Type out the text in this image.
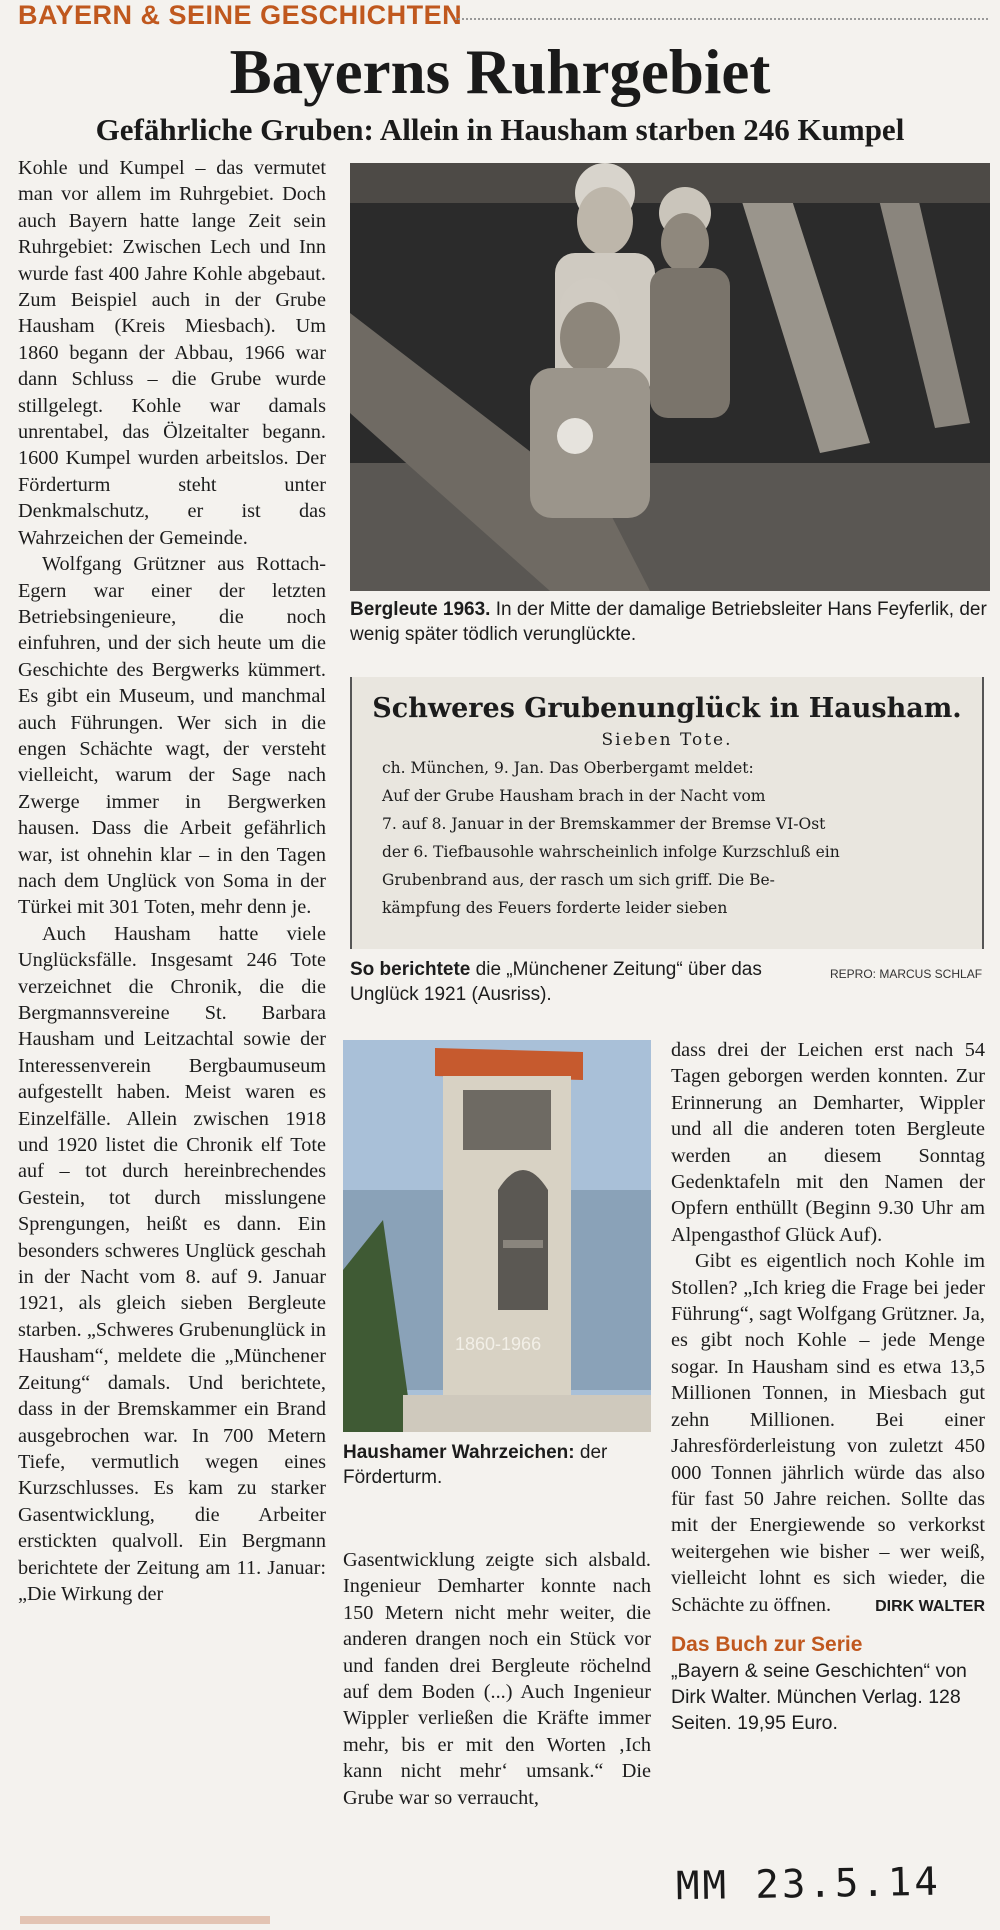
BAYERN & SEINE GESCHICHTEN
Bayerns Ruhrgebiet
Gefährliche Gruben: Allein in Hausham starben 246 Kumpel

Kohle und Kumpel – das vermutet man vor allem im Ruhrgebiet. Doch auch Bayern hatte lange Zeit sein Ruhrgebiet: Zwischen Lech und Inn wurde fast 400 Jahre Kohle abgebaut. Zum Beispiel auch in der Grube Hausham (Kreis Miesbach). Um 1860 begann der Abbau, 1966 war dann Schluss – die Grube wurde stillgelegt. Kohle war damals unrentabel, das Ölzeitalter begann. 1600 Kumpel wurden arbeitslos. Der Förderturm steht unter Denkmalschutz, er ist das Wahrzeichen der Gemeinde.

Wolfgang Grützner aus Rottach-Egern war einer der letzten Betriebsingenieure, die noch einfuhren, und der sich heute um die Geschichte des Bergwerks kümmert. Es gibt ein Museum, und manchmal auch Führungen. Wer sich in die engen Schächte wagt, der versteht vielleicht, warum der Sage nach Zwerge immer in Bergwerken hausen. Dass die Arbeit gefährlich war, ist ohnehin klar – in den Tagen nach dem Unglück von Soma in der Türkei mit 301 Toten, mehr denn je.

Auch Hausham hatte viele Unglücksfälle. Insgesamt 246 Tote verzeichnet die Chronik, die die Bergmannsvereine St. Barbara Hausham und Leitzachtal sowie der Interessenverein Bergbaumuseum aufgestellt haben. Meist waren es Einzelfälle. Allein zwischen 1918 und 1920 listet die Chronik elf Tote auf – tot durch hereinbrechendes Gestein, tot durch misslungene Sprengungen, heißt es dann. Ein besonders schweres Unglück geschah in der Nacht vom 8. auf 9. Januar 1921, als gleich sieben Bergleute starben. „Schweres Grubenunglück in Hausham“, meldete die „Münchener Zeitung“ damals. Und berichtete, dass in der Bremskammer ein Brand ausgebrochen war. In 700 Metern Tiefe, vermutlich wegen eines Kurzschlusses. Es kam zu starker Gasentwicklung, die Arbeiter erstickten qualvoll. Ein Bergmann berichtete der Zeitung am 11. Januar: „Die Wirkung der

Bergleute 1963. In der Mitte der damalige Betriebsleiter Hans Feyferlik, der wenig später tödlich verunglückte.
Schweres Grubenunglück in Hausham.
Sieben Tote.
ch. München, 9. Jan. Das Oberbergamt meldet:
Auf der Grube Hausham brach in der Nacht vom
7. auf 8. Januar in der Bremskammer der Bremse VI-Ost
der 6. Tiefbausohle wahrscheinlich infolge Kurzschluß ein
Grubenbrand aus, der rasch um sich griff. Die Be-
kämpfung des Feuers forderte leider sieben
So berichtete die „Münchener Zeitung“ über das Unglück 1921 (Ausriss).
REPRO: MARCUS SCHLAF
1860-1966
Haushamer Wahrzeichen: der Förderturm.

Gasentwicklung zeigte sich alsbald. Ingenieur Demharter konnte nach 150 Metern nicht mehr weiter, die anderen drangen noch ein Stück vor und fanden drei Bergleute röchelnd auf dem Boden (...) Auch Ingenieur Wippler verließen die Kräfte immer mehr, bis er mit den Worten ‚Ich kann nicht mehr‘ umsank.“ Die Grube war so verraucht,

dass drei der Leichen erst nach 54 Tagen geborgen werden konnten. Zur Erinnerung an Demharter, Wippler und all die anderen toten Bergleute werden an diesem Sonntag Gedenktafeln mit den Namen der Opfern enthüllt (Beginn 9.30 Uhr am Alpengasthof Glück Auf).

Gibt es eigentlich noch Kohle im Stollen? „Ich krieg die Frage bei jeder Führung“, sagt Wolfgang Grützner. Ja, es gibt noch Kohle – jede Menge sogar. In Hausham sind es etwa 13,5 Millionen Tonnen, in Miesbach gut zehn Millionen. Bei einer Jahresförderleistung von zuletzt 450 000 Tonnen jährlich würde das also für fast 50 Jahre reichen. Sollte das mit der Energiewende so verkorkst weitergehen wie bisher – wer weiß, vielleicht lohnt es sich wieder, die Schächte zu öffnen.	DIRK WALTER

Das Buch zur Serie
„Bayern & seine Geschichten“ von Dirk Walter. München Verlag. 128 Seiten. 19,95 Euro.
MM 23.5.14
